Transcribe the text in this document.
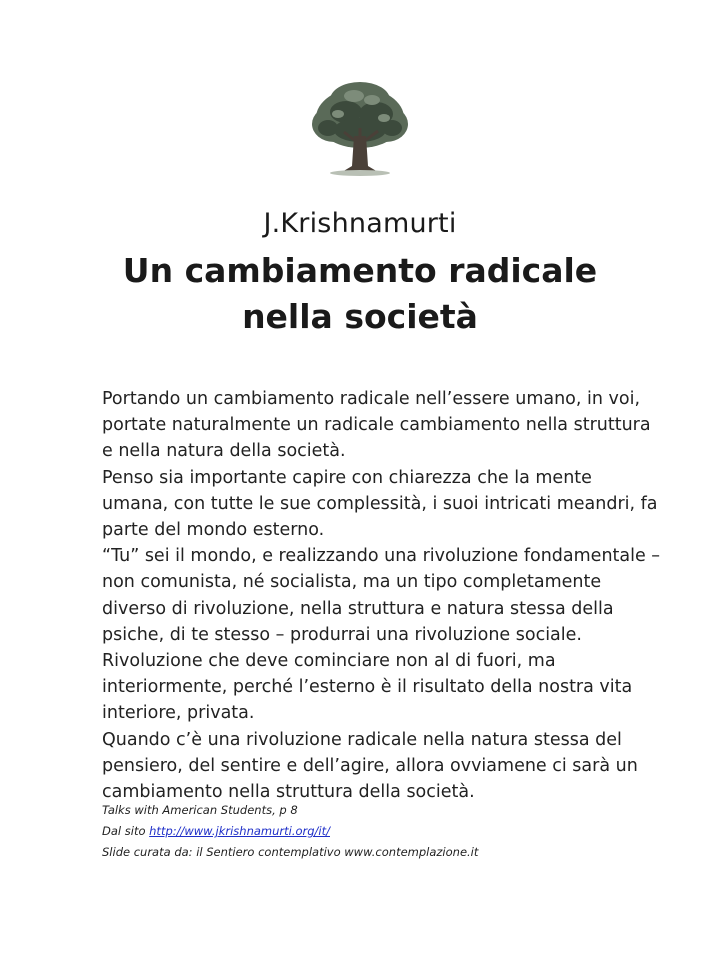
J.Krishnamurti
Un cambiamento radicale
nella società

Portando un cambiamento radicale nell’essere umano, in voi, portate naturalmente un radicale cambiamento nella struttura e nella natura della società.

Penso sia importante capire con chiarezza che la mente umana, con tutte le sue complessità, i suoi intricati meandri, fa parte del mondo esterno.

“Tu” sei il mondo, e realizzando una rivoluzione fondamentale – non comunista, né socialista, ma un tipo completamente diverso di rivoluzione, nella struttura e natura stessa della psiche, di te stesso – produrrai una rivoluzione sociale.

Rivoluzione che deve cominciare non al di fuori, ma interiormente, perché l’esterno è il risultato della nostra vita interiore, privata.

Quando c’è una rivoluzione radicale nella natura stessa del pensiero, del sentire e dell’agire, allora ovviamene ci sarà un cambiamento nella struttura della società.

Talks with American Students, p 8
Dal sito http://www.jkrishnamurti.org/it/
Slide curata da: il Sentiero contemplativo www.contemplazione.it
